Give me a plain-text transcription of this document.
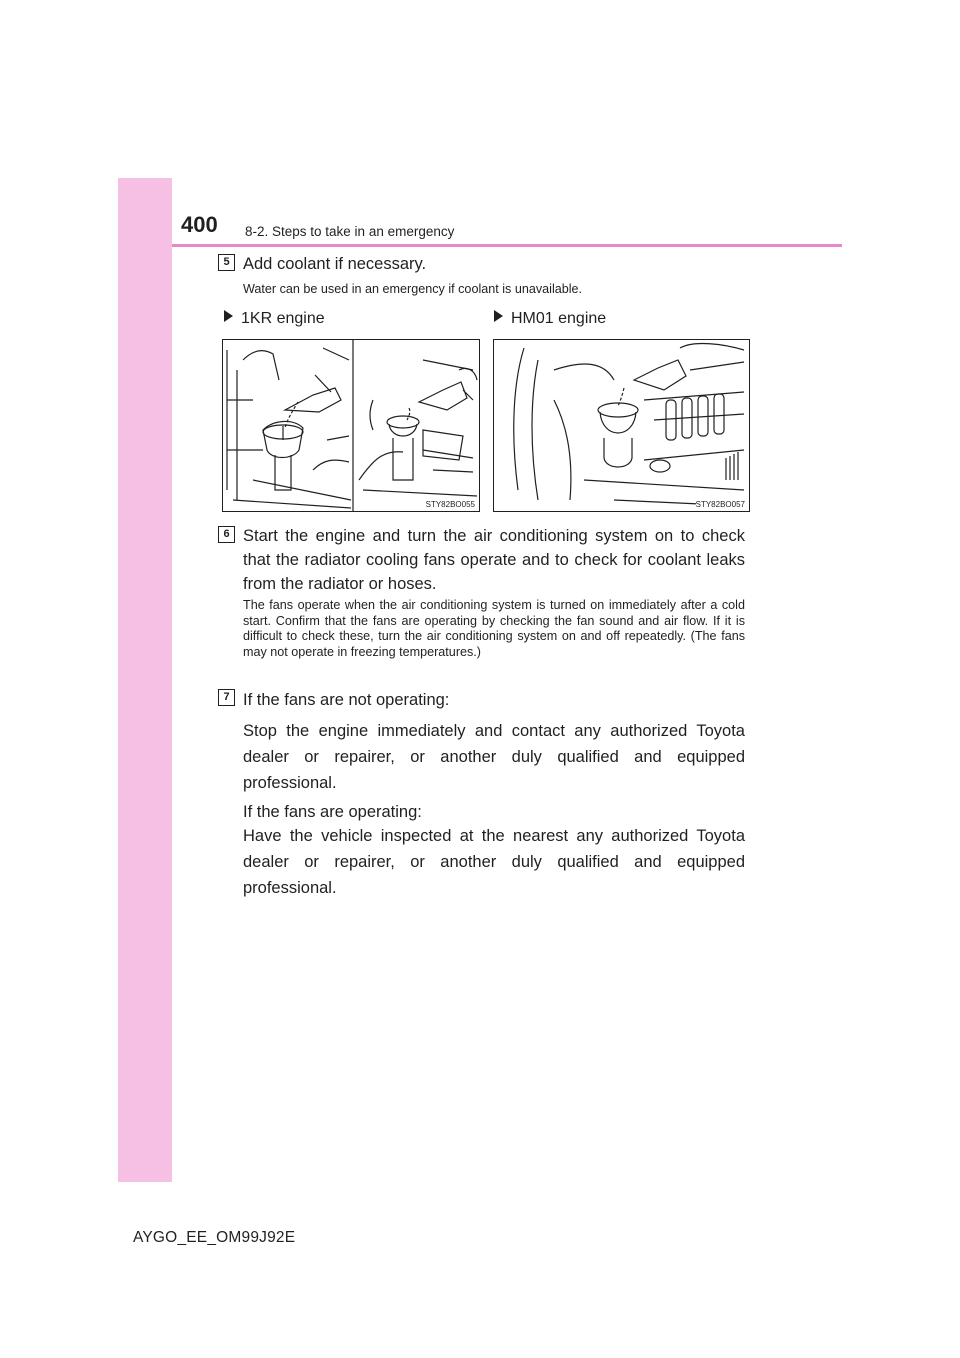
400 8-2. Steps to take in an emergency
5 Add coolant if necessary.
Water can be used in an emergency if coolant is unavailable.
1KR engine	HM01 engine
STY82BO055	STY82BO057
6 Start the engine and turn the air conditioning system on to check that the radiator cooling fans operate and to check for coolant leaks from the radiator or hoses.
The fans operate when the air conditioning system is turned on immediately after a cold start. Confirm that the fans are operating by checking the fan sound and air flow. If it is difficult to check these, turn the air conditioning system on and off repeatedly. (The fans may not operate in freezing temperatures.)
7 If the fans are not operating:
Stop the engine immediately and contact any authorized Toyota dealer or repairer, or another duly qualified and equipped professional.
If the fans are operating:
Have the vehicle inspected at the nearest any authorized Toyota dealer or repairer, or another duly qualified and equipped professional.
AYGO_EE_OM99J92E
